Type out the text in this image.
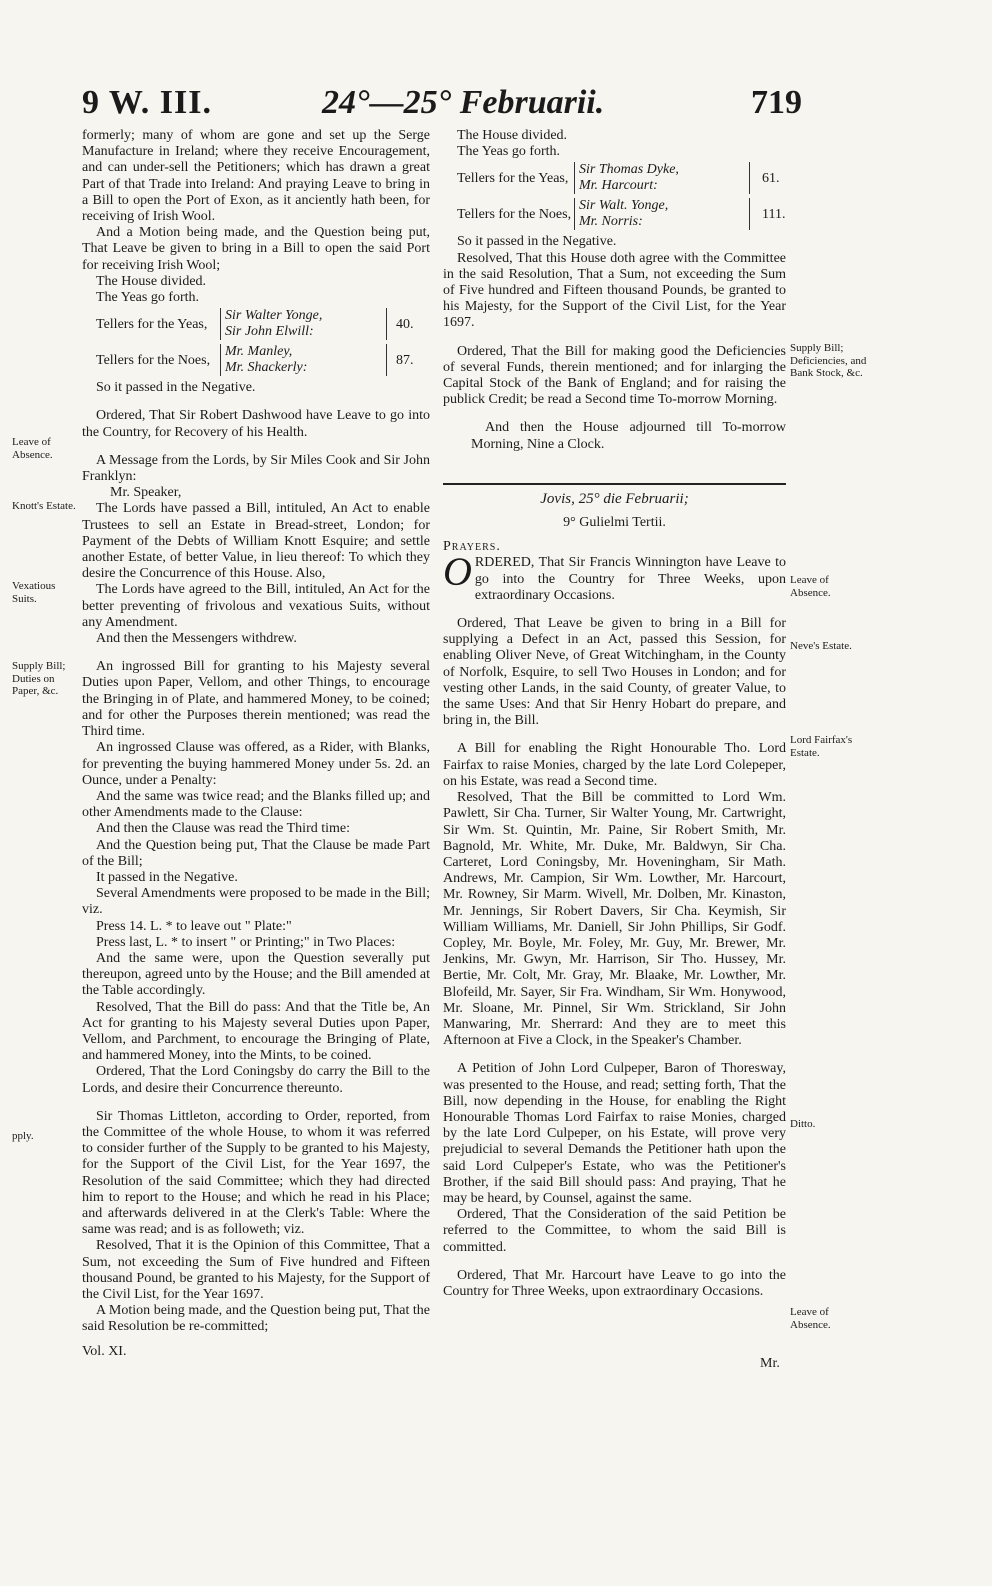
9 W. III.	24°—25° Februarii.	719
Leave of Absence.
Knott's Estate.
Vexatious Suits.
Supply Bill; Duties on Paper, &c.
pply.
Supply Bill; Deficiencies, and Bank Stock, &c.
Leave of Absence.
Neve's Estate.
Lord Fairfax's Estate.
Ditto.
Leave of Absence.

formerly; many of whom are gone and set up the Serge Manufacture in Ireland; where they receive Encouragement, and can under-sell the Petitioners; which has drawn a great Part of that Trade into Ireland: And praying Leave to bring in a Bill to open the Port of Exon, as it anciently hath been, for receiving of Irish Wool.

And a Motion being made, and the Question being put, That Leave be given to bring in a Bill to open the said Port for receiving Irish Wool;

The House divided.

The Yeas go forth.

Tellers for the Yeas,
Sir Walter Yonge,
Sir John Elwill:	40.
Tellers for the Noes,
Mr. Manley,
Mr. Shackerly:	87.

So it passed in the Negative.

Ordered, That Sir Robert Dashwood have Leave to go into the Country, for Recovery of his Health.

A Message from the Lords, by Sir Miles Cook and Sir John Franklyn:

Mr. Speaker,

The Lords have passed a Bill, intituled, An Act to enable Trustees to sell an Estate in Bread-street, London; for Payment of the Debts of William Knott Esquire; and settle another Estate, of better Value, in lieu thereof: To which they desire the Concurrence of this House. Also,

The Lords have agreed to the Bill, intituled, An Act for the better preventing of frivolous and vexatious Suits, without any Amendment.

And then the Messengers withdrew.

An ingrossed Bill for granting to his Majesty several Duties upon Paper, Vellom, and other Things, to encourage the Bringing in of Plate, and hammered Money, to be coined; and for other the Purposes therein mentioned; was read the Third time.

An ingrossed Clause was offered, as a Rider, with Blanks, for preventing the buying hammered Money under 5s. 2d. an Ounce, under a Penalty:

And the same was twice read; and the Blanks filled up; and other Amendments made to the Clause:

And then the Clause was read the Third time:

And the Question being put, That the Clause be made Part of the Bill;

It passed in the Negative.

Several Amendments were proposed to be made in the Bill; viz.

Press 14. L. * to leave out " Plate:"

Press last, L. * to insert " or Printing;" in Two Places:

And the same were, upon the Question severally put thereupon, agreed unto by the House; and the Bill amended at the Table accordingly.

Resolved, That the Bill do pass: And that the Title be, An Act for granting to his Majesty several Duties upon Paper, Vellom, and Parchment, to encourage the Bringing of Plate, and hammered Money, into the Mints, to be coined.

Ordered, That the Lord Coningsby do carry the Bill to the Lords, and desire their Concurrence thereunto.

Sir Thomas Littleton, according to Order, reported, from the Committee of the whole House, to whom it was referred to consider further of the Supply to be granted to his Majesty, for the Support of the Civil List, for the Year 1697, the Resolution of the said Committee; which they had directed him to report to the House; and which he read in his Place; and afterwards delivered in at the Clerk's Table: Where the same was read; and is as followeth; viz.

Resolved, That it is the Opinion of this Committee, That a Sum, not exceeding the Sum of Five hundred and Fifteen thousand Pound, be granted to his Majesty, for the Support of the Civil List, for the Year 1697.

A Motion being made, and the Question being put, That the said Resolution be re-committed;

The House divided.

The Yeas go forth.

Tellers for the Yeas,
Sir Thomas Dyke,
Mr. Harcourt:	61.
Tellers for the Noes,
Sir Walt. Yonge,
Mr. Norris:	111.

So it passed in the Negative.

Resolved, That this House doth agree with the Committee in the said Resolution, That a Sum, not exceeding the Sum of Five hundred and Fifteen thousand Pounds, be granted to his Majesty, for the Support of the Civil List, for the Year 1697.

Ordered, That the Bill for making good the Deficiencies of several Funds, therein mentioned; and for inlarging the Capital Stock of the Bank of England; and for raising the publick Credit; be read a Second time To-morrow Morning.

And then the House adjourned till To-morrow Morning, Nine a Clock.

Jovis, 25° die Februarii;
9° Gulielmi Tertii.

Prayers.

ORDERED, That Sir Francis Winnington have Leave to go into the Country for Three Weeks, upon extraordinary Occasions.

Ordered, That Leave be given to bring in a Bill for supplying a Defect in an Act, passed this Session, for enabling Oliver Neve, of Great Witchingham, in the County of Norfolk, Esquire, to sell Two Houses in London; and for vesting other Lands, in the said County, of greater Value, to the same Uses: And that Sir Henry Hobart do prepare, and bring in, the Bill.

A Bill for enabling the Right Honourable Tho. Lord Fairfax to raise Monies, charged by the late Lord Colepeper, on his Estate, was read a Second time.

Resolved, That the Bill be committed to Lord Wm. Pawlett, Sir Cha. Turner, Sir Walter Young, Mr. Cartwright, Sir Wm. St. Quintin, Mr. Paine, Sir Robert Smith, Mr. Bagnold, Mr. White, Mr. Duke, Mr. Baldwyn, Sir Cha. Carteret, Lord Coningsby, Mr. Hoveningham, Sir Math. Andrews, Mr. Campion, Sir Wm. Lowther, Mr. Harcourt, Mr. Rowney, Sir Marm. Wivell, Mr. Dolben, Mr. Kinaston, Mr. Jennings, Sir Robert Davers, Sir Cha. Keymish, Sir William Williams, Mr. Daniell, Sir John Phillips, Sir Godf. Copley, Mr. Boyle, Mr. Foley, Mr. Guy, Mr. Brewer, Mr. Jenkins, Mr. Gwyn, Mr. Harrison, Sir Tho. Hussey, Mr. Bertie, Mr. Colt, Mr. Gray, Mr. Blaake, Mr. Lowther, Mr. Blofeild, Mr. Sayer, Sir Fra. Windham, Sir Wm. Honywood, Mr. Sloane, Mr. Pinnel, Sir Wm. Strickland, Sir John Manwaring, Mr. Sherrard: And they are to meet this Afternoon at Five a Clock, in the Speaker's Chamber.

A Petition of John Lord Culpeper, Baron of Thoresway, was presented to the House, and read; setting forth, That the Bill, now depending in the House, for enabling the Right Honourable Thomas Lord Fairfax to raise Monies, charged by the late Lord Culpeper, on his Estate, will prove very prejudicial to several Demands the Petitioner hath upon the said Lord Culpeper's Estate, who was the Petitioner's Brother, if the said Bill should pass: And praying, That he may be heard, by Counsel, against the same.

Ordered, That the Consideration of the said Petition be referred to the Committee, to whom the said Bill is committed.

Ordered, That Mr. Harcourt have Leave to go into the Country for Three Weeks, upon extraordinary Occasions.

Vol. XI.
Mr.
